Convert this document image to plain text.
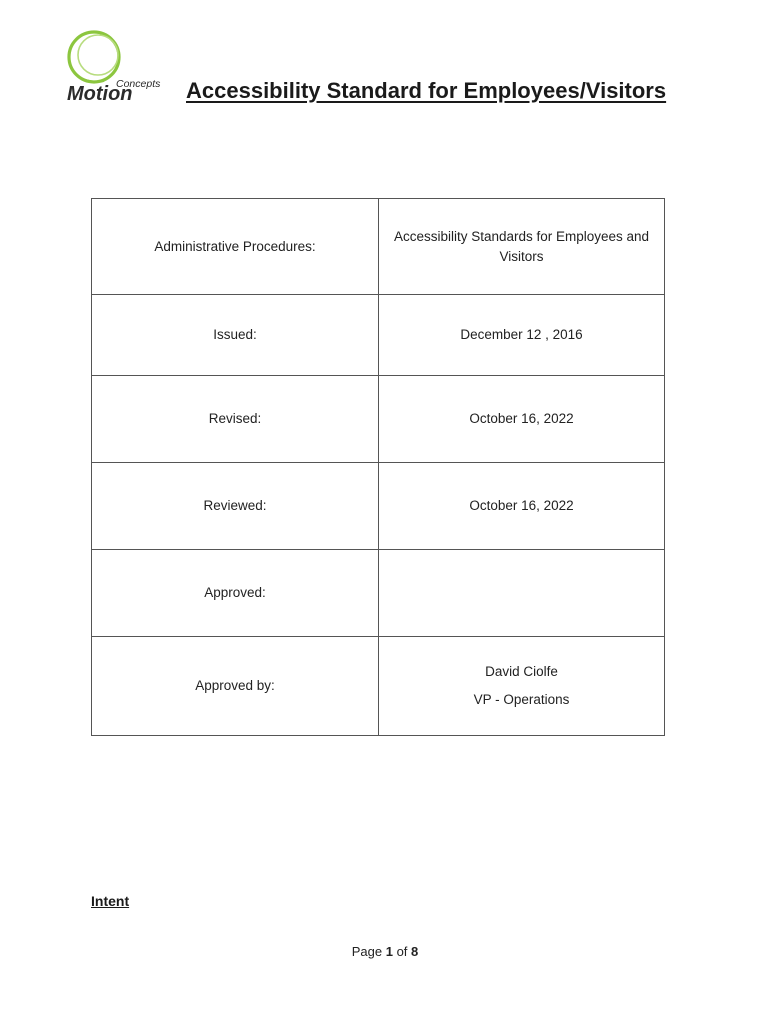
Concepts
Motion Accessibility Standard for Employees/Visitors
Administrative Procedures:	Accessibility Standards for Employees and Visitors
Issued:	December 12 , 2016
Revised:	October 16, 2022
Reviewed:	October 16, 2022
Approved:	
Approved by:	David Ciolfe
VP - Operations
Intent
Page 1 of 8
